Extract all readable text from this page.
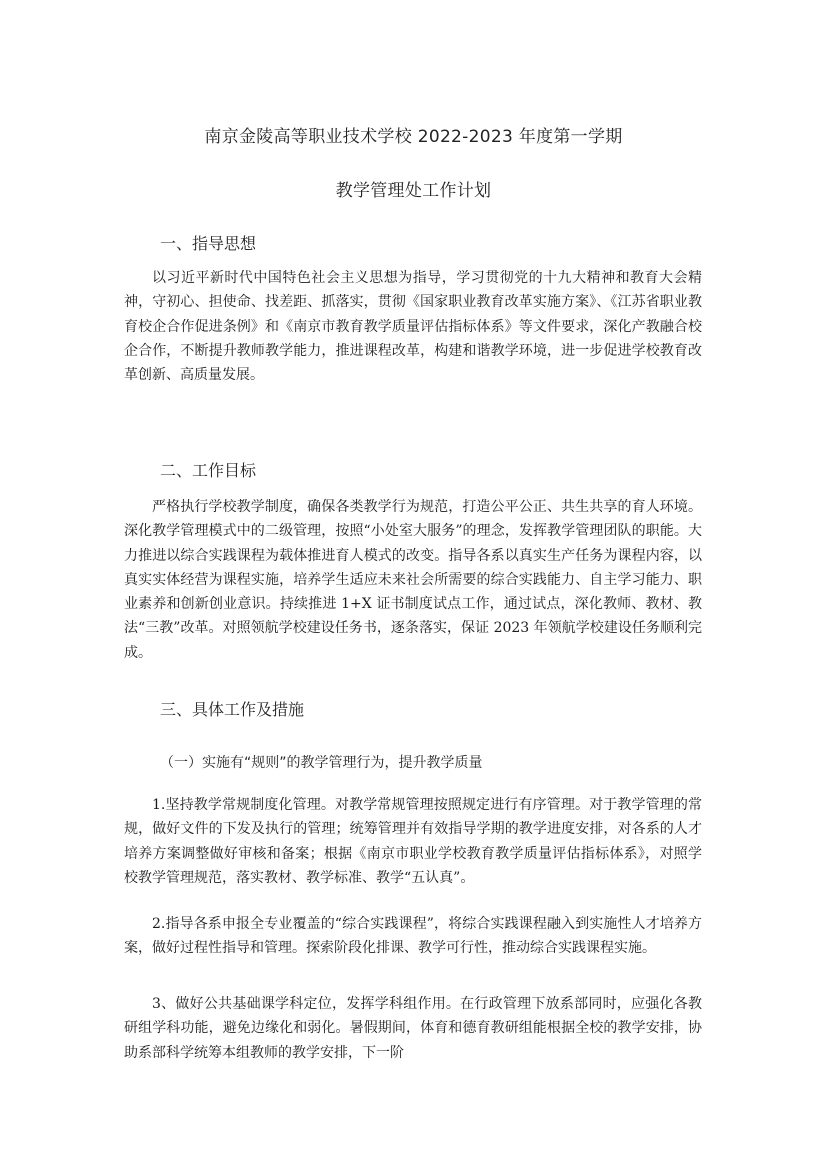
南京金陵高等职业技术学校 2022-2023 年度第一学期
教学管理处工作计划
一、指导思想

以习近平新时代中国特色社会主义思想为指导，学习贯彻党的十九大精神和教育大会精神，守初心、担使命、找差距、抓落实，贯彻《国家职业教育改革实施方案》、《江苏省职业教育校企合作促进条例》和《南京市教育教学质量评估指标体系》等文件要求，深化产教融合校企合作，不断提升教师教学能力，推进课程改革，构建和谐教学环境，进一步促进学校教育改革创新、高质量发展。

二、工作目标

严格执行学校教学制度，确保各类教学行为规范，打造公平公正、共生共享的育人环境。深化教学管理模式中的二级管理，按照“小处室大服务”的理念，发挥教学管理团队的职能。大力推进以综合实践课程为载体推进育人模式的改变。指导各系以真实生产任务为课程内容，以真实实体经营为课程实施，培养学生适应未来社会所需要的综合实践能力、自主学习能力、职业素养和创新创业意识。持续推进 1+X 证书制度试点工作，通过试点，深化教师、教材、教法“三教”改革。对照领航学校建设任务书，逐条落实，保证 2023 年领航学校建设任务顺利完成。

三、具体工作及措施
（一）实施有“规则”的教学管理行为，提升教学质量

1.坚持教学常规制度化管理。对教学常规管理按照规定进行有序管理。对于教学管理的常规，做好文件的下发及执行的管理；统筹管理并有效指导学期的教学进度安排，对各系的人才培养方案调整做好审核和备案；根据《南京市职业学校教育教学质量评估指标体系》，对照学校教学管理规范，落实教材、教学标准、教学“五认真”。

2.指导各系申报全专业覆盖的“综合实践课程”，将综合实践课程融入到实施性人才培养方案，做好过程性指导和管理。探索阶段化排课、教学可行性，推动综合实践课程实施。

3、做好公共基础课学科定位，发挥学科组作用。在行政管理下放系部同时，应强化各教研组学科功能，避免边缘化和弱化。暑假期间，体育和德育教研组能根据全校的教学安排，协助系部科学统筹本组教师的教学安排，下一阶
